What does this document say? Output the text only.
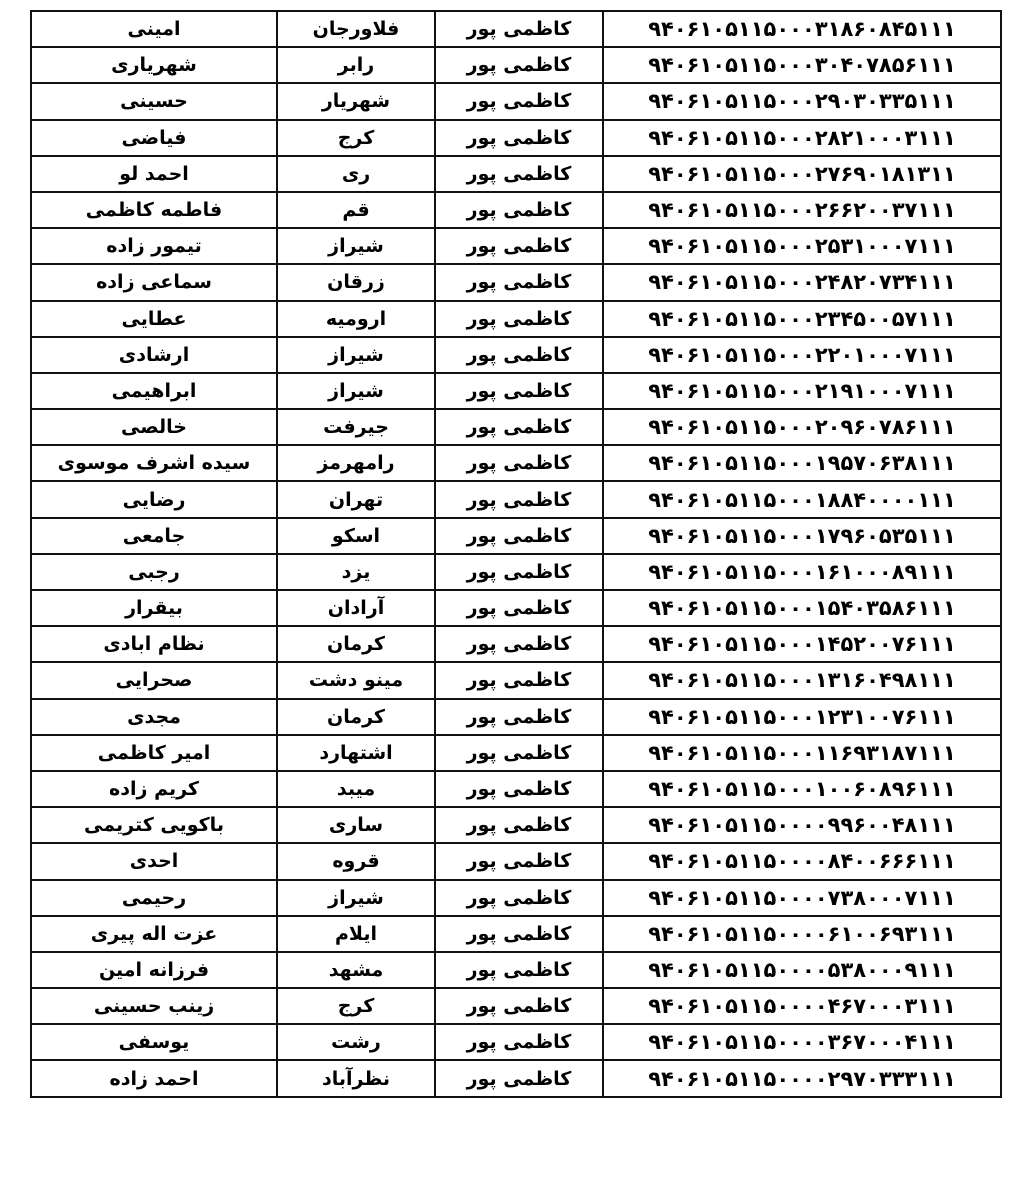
امینی	فلاورجان	کاظمی پور	۹۴۰۶۱۰۵۱۱۵۰۰۰۳۱۸۶۰۸۴۵۱۱۱
شهریاری	رابر	کاظمی پور	۹۴۰۶۱۰۵۱۱۵۰۰۰۳۰۴۰۷۸۵۶۱۱۱
حسینی	شهریار	کاظمی پور	۹۴۰۶۱۰۵۱۱۵۰۰۰۲۹۰۳۰۳۳۵۱۱۱
فیاضی	کرج	کاظمی پور	۹۴۰۶۱۰۵۱۱۵۰۰۰۲۸۲۱۰۰۰۳۱۱۱
احمد لو	ری	کاظمی پور	۹۴۰۶۱۰۵۱۱۵۰۰۰۲۷۶۹۰۱۸۱۳۱۱
فاطمه کاظمی	قم	کاظمی پور	۹۴۰۶۱۰۵۱۱۵۰۰۰۲۶۶۲۰۰۳۷۱۱۱
تیمور زاده	شیراز	کاظمی پور	۹۴۰۶۱۰۵۱۱۵۰۰۰۲۵۳۱۰۰۰۷۱۱۱
سماعی زاده	زرقان	کاظمی پور	۹۴۰۶۱۰۵۱۱۵۰۰۰۲۴۸۲۰۷۳۴۱۱۱
عطایی	ارومیه	کاظمی پور	۹۴۰۶۱۰۵۱۱۵۰۰۰۲۳۴۵۰۰۵۷۱۱۱
ارشادی	شیراز	کاظمی پور	۹۴۰۶۱۰۵۱۱۵۰۰۰۲۲۰۱۰۰۰۷۱۱۱
ابراهیمی	شیراز	کاظمی پور	۹۴۰۶۱۰۵۱۱۵۰۰۰۲۱۹۱۰۰۰۷۱۱۱
خالصی	جیرفت	کاظمی پور	۹۴۰۶۱۰۵۱۱۵۰۰۰۲۰۹۶۰۷۸۶۱۱۱
سیده اشرف موسوی	رامهرمز	کاظمی پور	۹۴۰۶۱۰۵۱۱۵۰۰۰۱۹۵۷۰۶۳۸۱۱۱
رضایی	تهران	کاظمی پور	۹۴۰۶۱۰۵۱۱۵۰۰۰۱۸۸۴۰۰۰۰۱۱۱
جامعی	اسکو	کاظمی پور	۹۴۰۶۱۰۵۱۱۵۰۰۰۱۷۹۶۰۵۳۵۱۱۱
رجبی	یزد	کاظمی پور	۹۴۰۶۱۰۵۱۱۵۰۰۰۱۶۱۰۰۰۸۹۱۱۱
بیقرار	آرادان	کاظمی پور	۹۴۰۶۱۰۵۱۱۵۰۰۰۱۵۴۰۳۵۸۶۱۱۱
نظام ابادی	کرمان	کاظمی پور	۹۴۰۶۱۰۵۱۱۵۰۰۰۱۴۵۲۰۰۷۶۱۱۱
صحرایی	مینو دشت	کاظمی پور	۹۴۰۶۱۰۵۱۱۵۰۰۰۱۳۱۶۰۴۹۸۱۱۱
مجدی	کرمان	کاظمی پور	۹۴۰۶۱۰۵۱۱۵۰۰۰۱۲۳۱۰۰۷۶۱۱۱
امیر کاظمی	اشتهارد	کاظمی پور	۹۴۰۶۱۰۵۱۱۵۰۰۰۱۱۶۹۳۱۸۷۱۱۱
کریم زاده	میبد	کاظمی پور	۹۴۰۶۱۰۵۱۱۵۰۰۰۱۰۰۶۰۸۹۶۱۱۱
باکویی کتریمی	ساری	کاظمی پور	۹۴۰۶۱۰۵۱۱۵۰۰۰۰۹۹۶۰۰۴۸۱۱۱
احدی	قروه	کاظمی پور	۹۴۰۶۱۰۵۱۱۵۰۰۰۰۸۴۰۰۶۶۶۱۱۱
رحیمی	شیراز	کاظمی پور	۹۴۰۶۱۰۵۱۱۵۰۰۰۰۷۳۸۰۰۰۷۱۱۱
عزت اله پیری	ایلام	کاظمی پور	۹۴۰۶۱۰۵۱۱۵۰۰۰۰۶۱۰۰۶۹۳۱۱۱
فرزانه امین	مشهد	کاظمی پور	۹۴۰۶۱۰۵۱۱۵۰۰۰۰۵۳۸۰۰۰۹۱۱۱
زینب حسینی	کرج	کاظمی پور	۹۴۰۶۱۰۵۱۱۵۰۰۰۰۴۶۷۰۰۰۳۱۱۱
یوسفی	رشت	کاظمی پور	۹۴۰۶۱۰۵۱۱۵۰۰۰۰۳۶۷۰۰۰۴۱۱۱
احمد زاده	نظرآباد	کاظمی پور	۹۴۰۶۱۰۵۱۱۵۰۰۰۰۲۹۷۰۳۳۳۱۱۱
